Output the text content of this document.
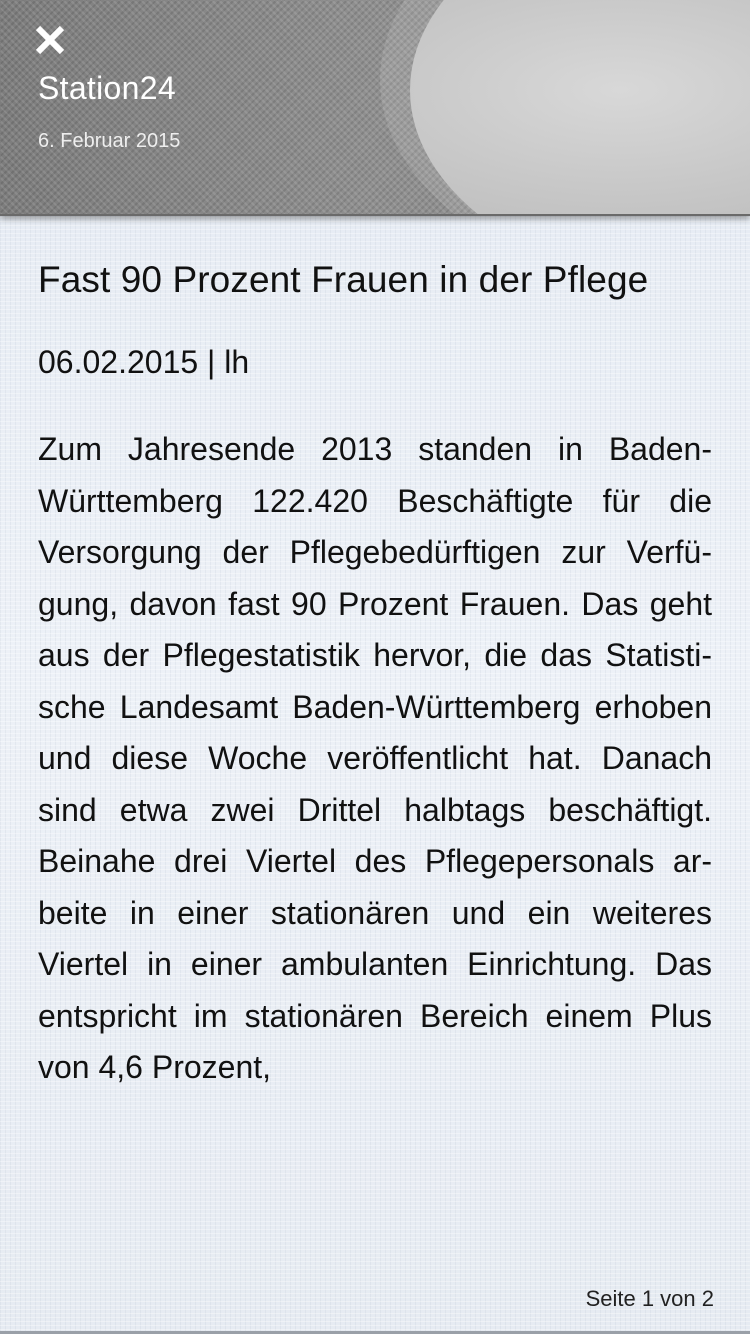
Station24
6. Februar 2015
Fast 90 Prozent Frauen in der Pflege
06.02.2015 | lh
Zum Jahresende 2013 standen in Baden-Württemberg 122.420 Beschäftigte für die Versorgung der Pflegebedürftigen zur Verfügung, davon fast 90 Prozent Frauen. Das geht aus der Pflegestatistik hervor, die das Statistische Landesamt Baden-Württemberg erhoben und diese Woche veröffentlicht hat. Danach sind etwa zwei Drittel halbtags beschäftigt. Beinahe drei Viertel des Pflegepersonals arbeite in einer stationären und ein weiteres Viertel in einer ambulanten Einrichtung. Das entspricht im stationären Bereich einem Plus von 4,6 Prozent,
Seite 1 von 2
